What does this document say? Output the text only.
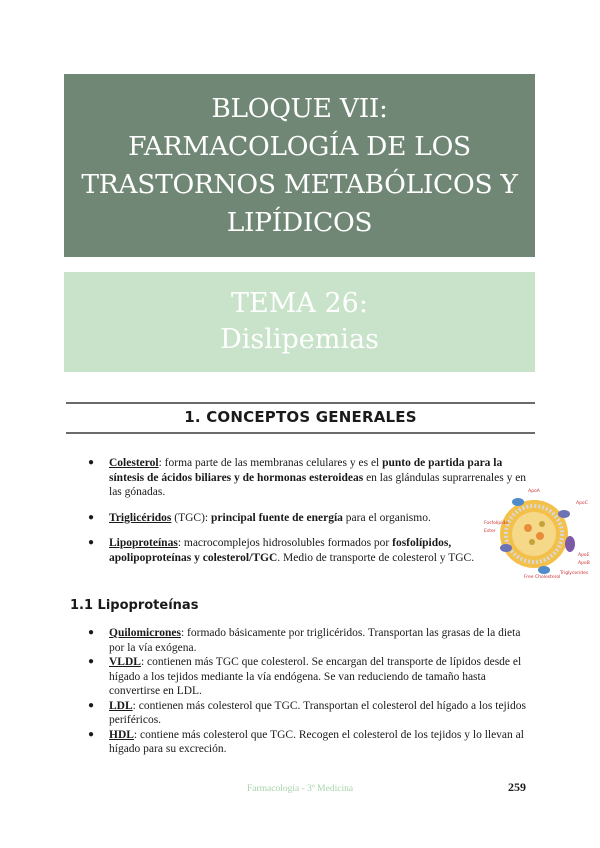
BLOQUE VII:
FARMACOLOGÍA DE LOS
TRASTORNOS METABÓLICOS Y
LIPÍDICOS
TEMA 26:
Dislipemias
1. CONCEPTOS GENERALES
● Colesterol: forma parte de las membranas celulares y es el punto de partida para la síntesis de ácidos biliares y de hormonas esteroideas en las glándulas suprarrenales y en las gónadas.
● Triglicéridos (TGC): principal fuente de energía para el organismo.
● Lipoproteínas: macrocomplejos hidrosolubles formados por fosfolípidos, apolipoproteínas y colesterol/TGC. Medio de transporte de colesterol y TGC.
ApoA
ApoC
Fosfolípido
Ester
ApoE
ApoB
Free Cholesterol
Triglycerides
1.1 Lipoproteínas
● Quilomicrones: formado básicamente por triglicéridos. Transportan las grasas de la dieta por la vía exógena.
● VLDL: contienen más TGC que colesterol. Se encargan del transporte de lípidos desde el hígado a los tejidos mediante la vía endógena. Se van reduciendo de tamaño hasta convertirse en LDL.
● LDL: contienen más colesterol que TGC. Transportan el colesterol del hígado a los tejidos periféricos.
● HDL: contiene más colesterol que TGC. Recogen el colesterol de los tejidos y lo llevan al hígado para su excreción.
Farmacología - 3º Medicina	259
